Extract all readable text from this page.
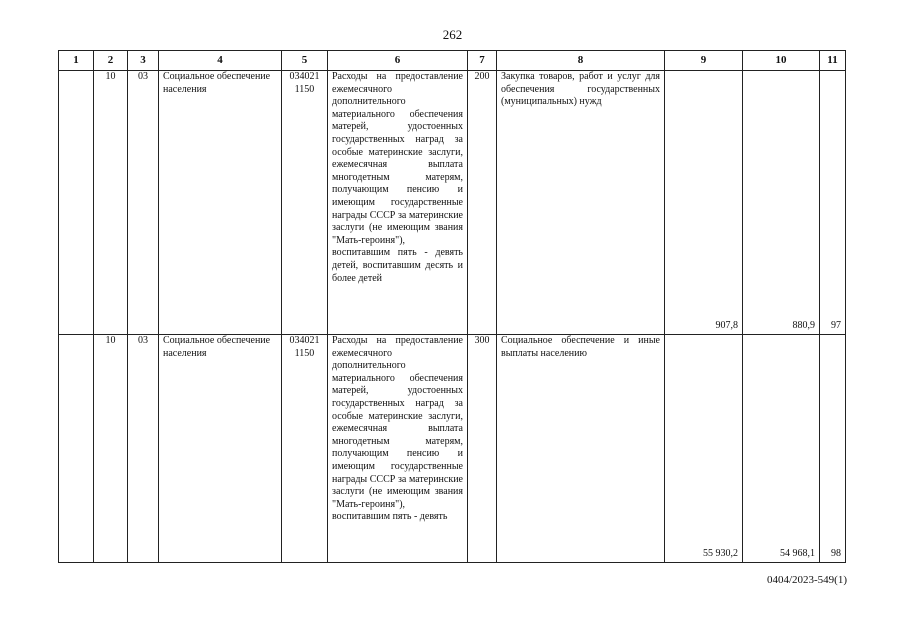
262
1	2	3	4	5	6	7	8	9	10	11
	10	03	Социальное обеспечение населения	034021 1150	Расходы на предоставление ежемесячного дополнительного материального обеспечения матерей, удостоенных государственных наград за особые материнские заслуги, ежемесячная выплата многодетным матерям, получающим пенсию и имеющим государственные награды СССР за материнские заслуги (не имеющим звания "Мать-героиня"), воспитавшим пять - девять детей, воспитавшим десять и более детей	200	Закупка товаров, работ и услуг для обеспечения государственных (муниципальных) нужд	907,8	880,9	97
	10	03	Социальное обеспечение населения	034021 1150	Расходы на предоставление ежемесячного дополнительного материального обеспечения матерей, удостоенных государственных наград за особые материнские заслуги, ежемесячная выплата многодетным матерям, получающим пенсию и имеющим государственные награды СССР за материнские заслуги (не имеющим звания "Мать-героиня"), воспитавшим пять - девять	300	Социальное обеспечение и иные выплаты населению	55 930,2	54 968,1	98
0404/2023-549(1)
